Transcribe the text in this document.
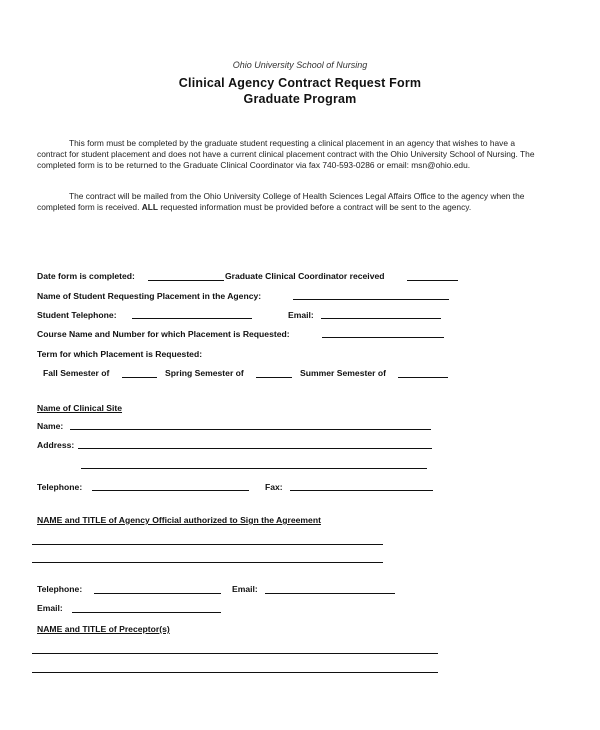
Ohio University School of Nursing
Clinical Agency Contract Request Form
Graduate Program
This form must be completed by the graduate student requesting a clinical placement in an agency that wishes to have a contract for student placement and does not have a current clinical placement contract with the Ohio University School of Nursing. The completed form is to be returned to the Graduate Clinical Coordinator via fax 740-593-0286 or email: msn@ohio.edu.
The contract will be mailed from the Ohio University College of Health Sciences Legal Affairs Office to the agency when the completed form is received. ALL requested information must be provided before a contract will be sent to the agency.
Date form is completed:	Graduate Clinical Coordinator received
Name of Student Requesting Placement in the Agency:
Student Telephone:	Email:
Course Name and Number for which Placement is Requested:
Term for which Placement is Requested:
Fall Semester of	Spring Semester of	Summer Semester of
Name of Clinical Site
Name:
Address:
Telephone:	Fax:
NAME and TITLE of Agency Official authorized to Sign the Agreement
Telephone:	Email:
Email:
NAME and TITLE of Preceptor(s)
